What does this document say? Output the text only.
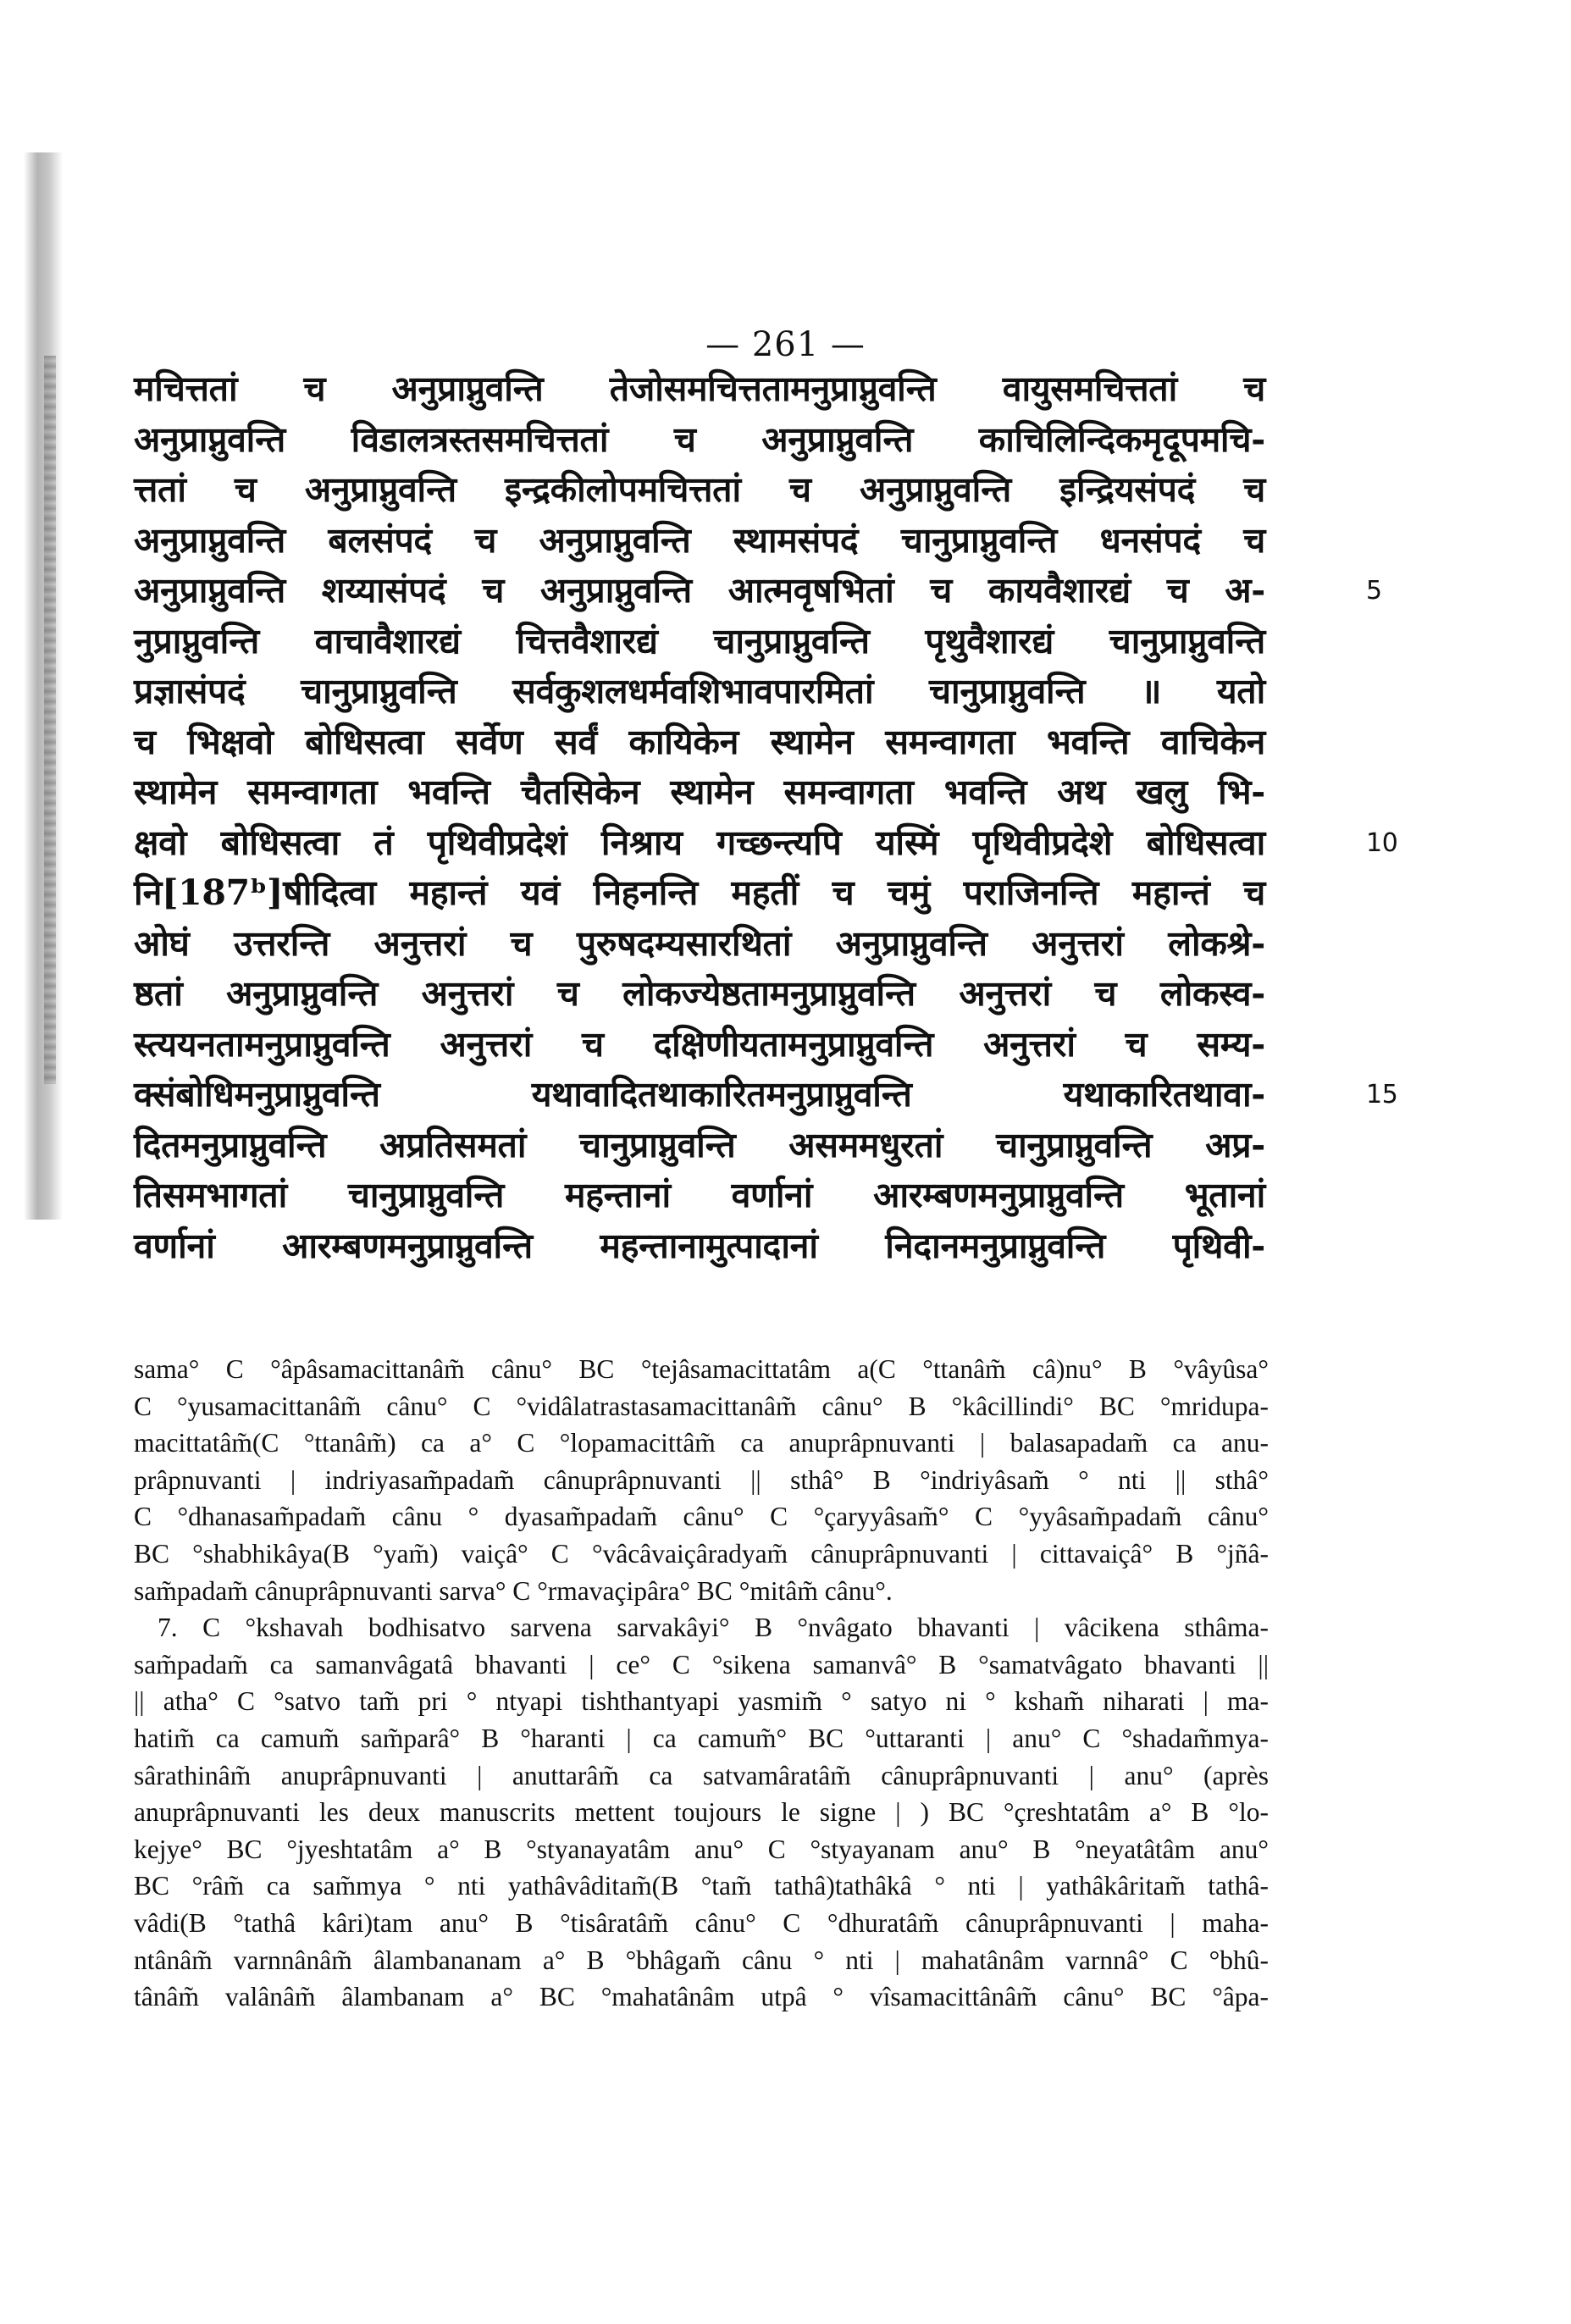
— 261 —
मचित्ततां च अनुप्राप्नुवन्ति तेजोसमचित्ततामनुप्राप्नुवन्ति वायुसमचित्ततां च
अनुप्राप्नुवन्ति विडालत्रस्तसमचित्ततां च अनुप्राप्नुवन्ति काचिलिन्दिकमृदूपमचि-
त्ततां च अनुप्राप्नुवन्ति इन्द्रकीलोपमचित्ततां च अनुप्राप्नुवन्ति इन्द्रियसंपदं च
अनुप्राप्नुवन्ति बलसंपदं च अनुप्राप्नुवन्ति स्थामसंपदं चानुप्राप्नुवन्ति धनसंपदं च
अनुप्राप्नुवन्ति शय्यासंपदं च अनुप्राप्नुवन्ति आत्मवृषभितां च कायवैशारद्यं च अ-	5
नुप्राप्नुवन्ति वाचावैशारद्यं चित्तवैशारद्यं चानुप्राप्नुवन्ति पृथुवैशारद्यं चानुप्राप्नुवन्ति
प्रज्ञासंपदं चानुप्राप्नुवन्ति सर्वकुशलधर्मवशिभावपारमितां चानुप्राप्नुवन्ति ॥ यतो
च भिक्षवो बोधिसत्वा सर्वेण सर्वं कायिकेन स्थामेन समन्वागता भवन्ति वाचिकेन
स्थामेन समन्वागता भवन्ति चैतसिकेन स्थामेन समन्वागता भवन्ति अथ खलु भि-
क्षवो बोधिसत्वा तं पृथिवीप्रदेशं निश्राय गच्छन्त्यपि यस्मिं पृथिवीप्रदेशे बोधिसत्वा	10
नि[187ᵇ]षीदित्वा महान्तं यवं निहनन्ति महतीं च चमुं पराजिनन्ति महान्तं च
ओघं उत्तरन्ति अनुत्तरां च पुरुषदम्यसारथितां अनुप्राप्नुवन्ति अनुत्तरां लोकश्रे-
ष्ठतां अनुप्राप्नुवन्ति अनुत्तरां च लोकज्येष्ठतामनुप्राप्नुवन्ति अनुत्तरां च लोकस्व-
स्त्ययनतामनुप्राप्नुवन्ति अनुत्तरां च दक्षिणीयतामनुप्राप्नुवन्ति अनुत्तरां च सम्य-
क्संबोधिमनुप्राप्नुवन्ति यथावादितथाकारितमनुप्राप्नुवन्ति यथाकारितथावा-	15
दितमनुप्राप्नुवन्ति अप्रतिसमतां चानुप्राप्नुवन्ति असममधुरतां चानुप्राप्नुवन्ति अप्र-
तिसमभागतां चानुप्राप्नुवन्ति महन्तानां वर्णानां आरम्बणमनुप्राप्नुवन्ति भूतानां
वर्णानां आरम्बणमनुप्राप्नुवन्ति महन्तानामुत्पादानां निदानमनुप्राप्नुवन्ति पृथिवी-
sama° C °âpâsamacittanâm̃ cânu° BC °tejâsamacittatâm a(C °ttanâm̃ câ)nu° B °vâyûsa°
C °yusamacittanâm̃ cânu° C °vidâlatrastasamacittanâm̃ cânu° B °kâcillindi° BC °mridupa-
macittatâm̃(C °ttanâm̃) ca a° C °lopamacittâm̃ ca anuprâpnuvanti | balasapadam̃ ca anu-
prâpnuvanti | indriyasam̃padam̃ cânuprâpnuvanti || sthâ° B °indriyâsam̃ ° nti || sthâ°
C °dhanasam̃padam̃ cânu ° dyasam̃padam̃ cânu° C °çaryyâsam̃° C °yyâsam̃padam̃ cânu°
BC °shabhikâya(B °yam̃) vaiçâ° C °vâcâvaiçâradyam̃ cânuprâpnuvanti | cittavaiçâ° B °jñâ-
sam̃padam̃ cânuprâpnuvanti sarva° C °rmavaçipâra° BC °mitâm̃ cânu°.
7. C °kshavah bodhisatvo sarvena sarvakâyi° B °nvâgato bhavanti | vâcikena sthâma-
sam̃padam̃ ca samanvâgatâ bhavanti | ce° C °sikena samanvâ° B °samatvâgato bhavanti ||
|| atha° C °satvo tam̃ pri ° ntyapi tishthantyapi yasmim̃ ° satyo ni ° ksham̃ niharati | ma-
hatim̃ ca camum̃ sam̃parâ° B °haranti | ca camum̃° BC °uttaranti | anu° C °shadam̃mya-
sârathinâm̃ anuprâpnuvanti | anuttarâm̃ ca satvamâratâm̃ cânuprâpnuvanti | anu° (après
anuprâpnuvanti les deux manuscrits mettent toujours le signe | ) BC °çreshtatâm a° B °lo-
kejye° BC °jyeshtatâm a° B °styanayatâm anu° C °styayanam anu° B °neyatâtâm anu°
BC °râm̃ ca sam̃mya ° nti yathâvâditam̃(B °tam̃ tathâ)tathâkâ ° nti | yathâkâritam̃ tathâ-
vâdi(B °tathâ kâri)tam anu° B °tisâratâm̃ cânu° C °dhuratâm̃ cânuprâpnuvanti | maha-
ntânâm̃ varnnânâm̃ âlambananam a° B °bhâgam̃ cânu ° nti | mahatânâm varnnâ° C °bhû-
tânâm̃ valânâm̃ âlambanam a° BC °mahatânâm utpâ ° vîsamacittânâm̃ cânu° BC °âpa-
